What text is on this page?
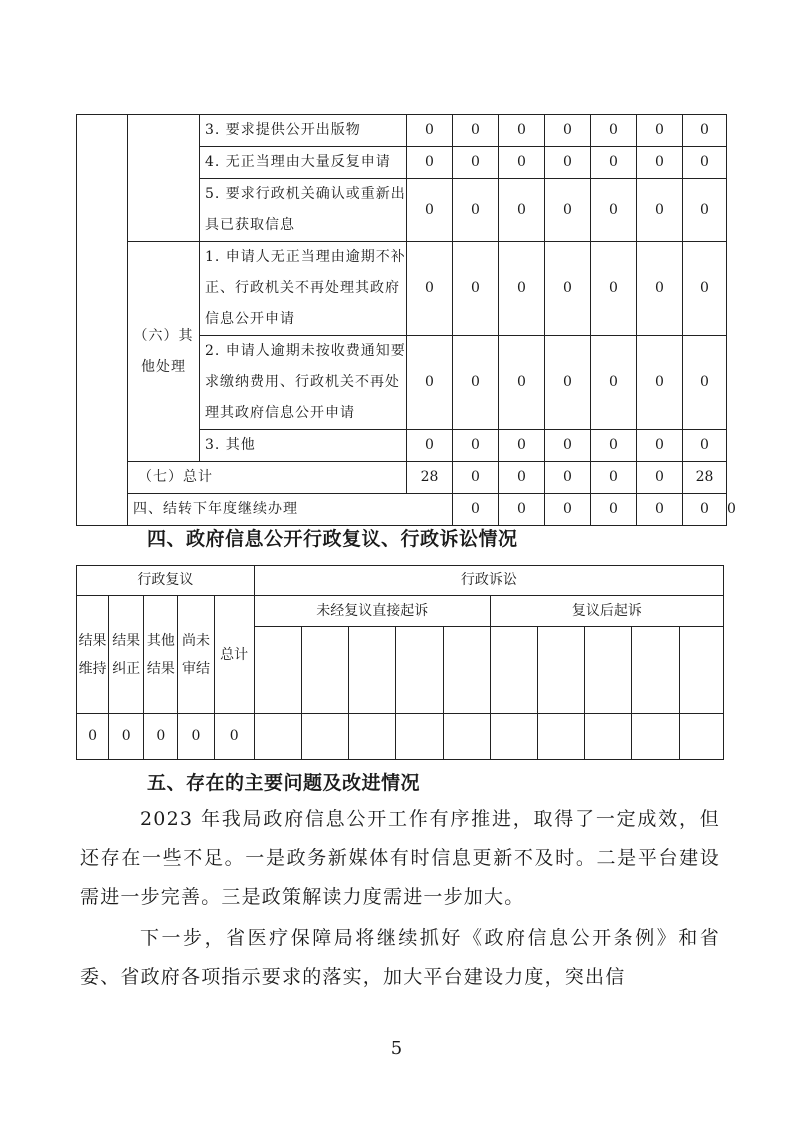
		3. 要求提供公开出版物	0	0	0	0	0	0	0	
		4. 无正当理由大量反复申请	0	0	0	0	0	0	0	
		5. 要求行政机关确认或重新出具已获取信息	0	0	0	0	0	0	0	
	（六）其他处理	1. 申请人无正当理由逾期不补正、行政机关不再处理其政府信息公开申请	0	0	0	0	0	0	0	
		2. 申请人逾期未按收费通知要求缴纳费用、行政机关不再处理其政府信息公开申请	0	0	0	0	0	0	0	
		3. 其他	0	0	0	0	0	0	0	
	（七）总计		28	0	0	0	0	0	28	
	四、结转下年度继续办理			0	0	0	0	0	0	0
四、政府信息公开行政复议、行政诉讼情况
行政复议					行政诉讼									
结果维持	结果纠正	其他结果	尚未审结	总计	未经复议直接起诉					复议后起诉				

0	0	0	0	0										
五、存在的主要问题及改进情况

2023 年我局政府信息公开工作有序推进，取得了一定成效，但还存在一些不足。一是政务新媒体有时信息更新不及时。二是平台建设需进一步完善。三是政策解读力度需进一步加大。

下一步，省医疗保障局将继续抓好《政府信息公开条例》和省委、省政府各项指示要求的落实，加大平台建设力度，突出信

5
